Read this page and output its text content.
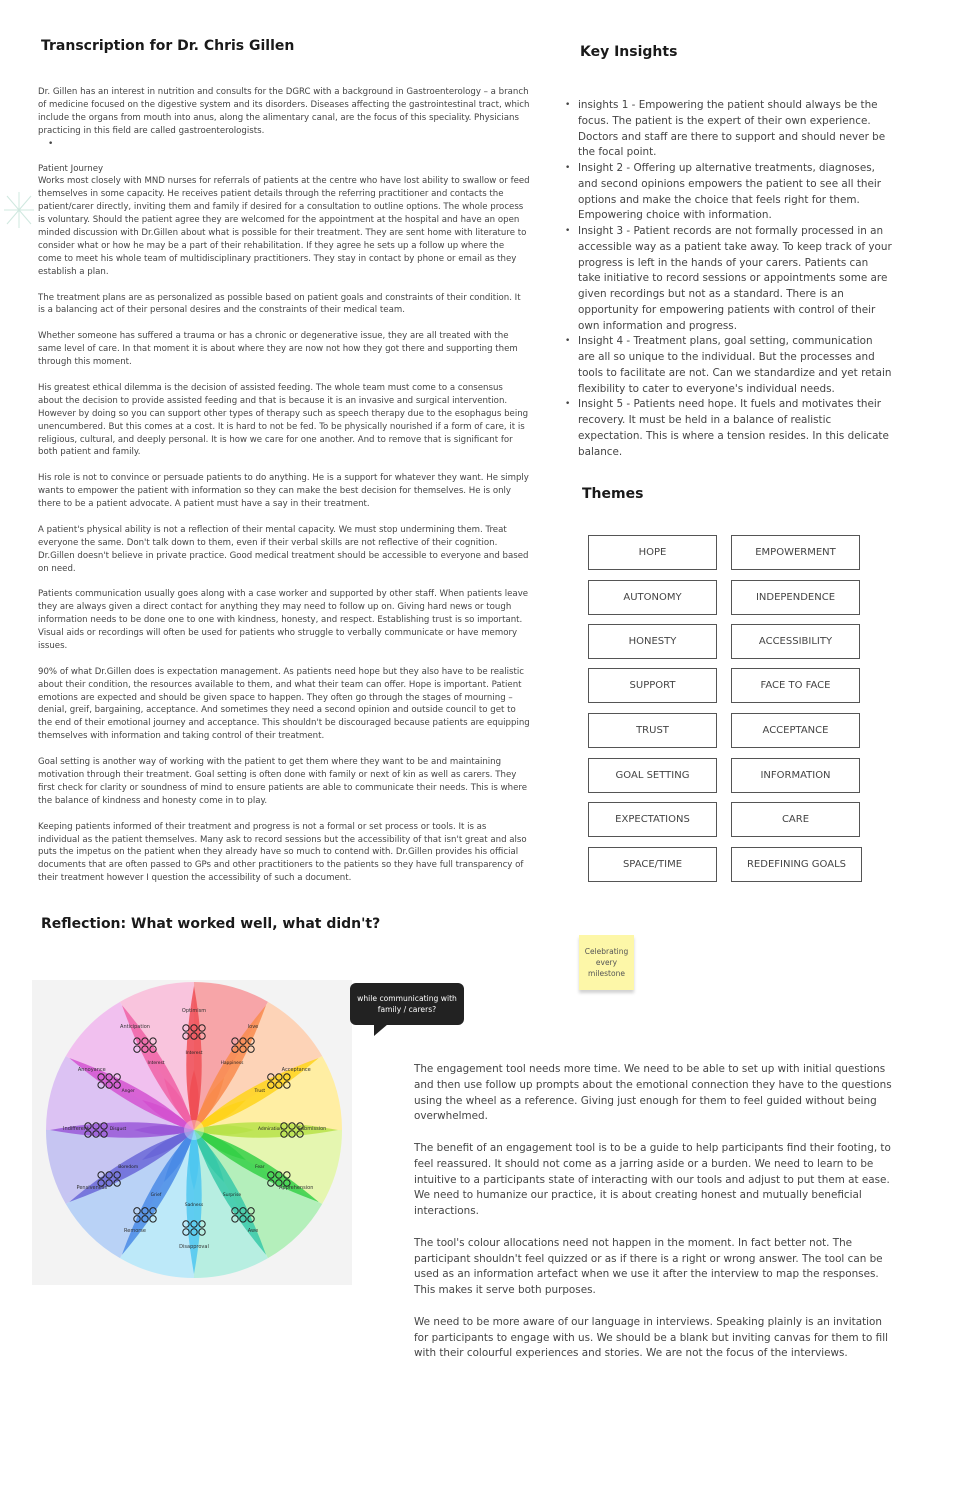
Transcription for Dr. Chris Gillen

Dr. Gillen has an interest in nutrition and consults for the DGRC with a background in Gastroenterology – a branch of medicine focused on the digestive system and its disorders. Diseases affecting the gastrointestinal tract, which include the organs from mouth into anus, along the alimentary canal, are the focus of this speciality. Physicians practicing in this field are called gastroenterologists.

Patient Journey

Works most closely with MND nurses for referrals of patients at the centre who have lost ability to swallow or feed themselves in some capacity. He receives patient details through the referring practitioner and contacts the patient/carer directly, inviting them and family if desired for a consultation to outline options. The whole process is voluntary. Should the patient agree they are welcomed for the appointment at the hospital and have an open minded discussion with Dr.Gillen about what is possible for their treatment. They are sent home with literature to consider what or how he may be a part of their rehabilitation. If they agree he sets up a follow up where the come to meet his whole team of multidisciplinary practitioners. They stay in contact by phone or email as they establish a plan.

The treatment plans are as personalized as possible based on patient goals and constraints of their condition. It is a balancing act of their personal desires and the constraints of their medical team.

Whether someone has suffered a trauma or has a chronic or degenerative issue, they are all treated with the same level of care. In that moment it is about where they are now not how they got there and supporting them through this moment.

His greatest ethical dilemma is the decision of assisted feeding. The whole team must come to a consensus about the decision to provide assisted feeding and that is because it is an invasive and surgical intervention. However by doing so you can support other types of therapy such as speech therapy due to the esophagus being unencumbered. But this comes at a cost. It is hard to not be fed. To be physically nourished if a form of care, it is religious, cultural, and deeply personal. It is how we care for one another. And to remove that is significant for both patient and family.

His role is not to convince or persuade patients to do anything. He is a support for whatever they want. He simply wants to empower the patient with information so they can make the best decision for themselves. He is only there to be a patient advocate. A patient must have a say in their treatment.

A patient's physical ability is not a reflection of their mental capacity. We must stop undermining them. Treat everyone the same. Don't talk down to them, even if their verbal skills are not reflective of their cognition. Dr.Gillen doesn't believe in private practice. Good medical treatment should be accessible to everyone and based on need.

Patients communication usually goes along with a case worker and supported by other staff. When patients leave they are always given a direct contact for anything they may need to follow up on. Giving hard news or tough information needs to be done one to one with kindness, honesty, and respect. Establishing trust is so important. Visual aids or recordings will often be used for patients who struggle to verbally communicate or have memory issues.

90% of what Dr.Gillen does is expectation management. As patients need hope but they also have to be realistic about their condition, the resources available to them, and what their team can offer. Hope is important. Patient emotions are expected and should be given space to happen. They often go through the stages of mourning – denial, greif, bargaining, acceptance. And sometimes they need a second opinion and outside council to get to the end of their emotional journey and acceptance. This shouldn't be discouraged because patients are equipping themselves with information and taking control of their treatment.

Goal setting is another way of working with the patient to get them where they want to be and maintaining motivation through their treatment. Goal setting is often done with family or next of kin as well as carers. They first check for clarity or soundness of mind to ensure patients are able to communicate their needs. This is where the balance of kindness and honesty come in to play.

Keeping patients informed of their treatment and progress is not a formal or set process or tools. It is as individual as the patient themselves. Many ask to record sessions but the accessibility of that isn't great and also puts the impetus on the patient when they already have so much to contend with. Dr.Gillen provides his official documents that are often passed to GPs and other practitioners to the patients so they have full transparency of their treatment however I question the accessibility of such a document.

•
Key Insights
• insights 1 - Empowering the patient should always be the focus. The patient is the expert of their own experience. Doctors and staff are there to support and should never be the focal point.
• Insight 2 - Offering up alternative treatments, diagnoses, and second opinions empowers the patient to see all their options and make the choice that feels right for them. Empowering choice with information.
• Insight 3 - Patient records are not formally processed in an accessible way as a patient take away. To keep track of your progress is left in the hands of your carers. Patients can take initiative to record sessions or appointments some are given recordings but not as a standard. There is an opportunity for empowering patients with control of their own information and progress.
• Insight 4 - Treatment plans, goal setting, communication are all so unique to the individual. But the processes and tools to facilitate are not. Can we standardize and yet retain flexibility to cater to everyone's individual needs.
• Insight 5 - Patients need hope. It fuels and motivates their recovery. It must be held in a balance of realistic expectation. This is where a tension resides. In this delicate balance.
Themes
HOPE	EMPOWERMENT
AUTONOMY	INDEPENDENCE
HONESTY	ACCESSIBILITY
SUPPORT	FACE TO FACE
TRUST	ACCEPTANCE
GOAL SETTING	INFORMATION
EXPECTATIONS	CARE
SPACE/TIME	REDEFINING GOALS
Reflection: What worked well, what didn't?
Celebrating every milestone
Optimism
Interest
love
Happiness
Acceptance
Trust
Submission
Admiration
Apprehension
Fear
Awe
Surprise
Disapproval
Sadness
Remorse
Grief
Pensiveness
Boredom
Indifferent	Disgust
Annoyance
Anger
Anticipation
Interest
while communicating with family / carers?

The engagement tool needs more time. We need to be able to set up with initial questions and then use follow up prompts about the emotional connection they have to the questions using the wheel as a reference. Giving just enough for them to feel guided without being overwhelmed.

The benefit of an engagement tool is to be a guide to help participants find their footing, to feel reassured. It should not come as a jarring aside or a burden. We need to learn to be intuitive to a participants state of interacting with our tools and adjust to put them at ease. We need to humanize our practice, it is about creating honest and mutually beneficial interactions.

The tool's colour allocations need not happen in the moment. In fact better not. The participant shouldn't feel quizzed or as if there is a right or wrong answer. The tool can be used as an information artefact when we use it after the interview to map the responses. This makes it serve both purposes.

We need to be more aware of our language in interviews. Speaking plainly is an invitation for participants to engage with us. We should be a blank but inviting canvas for them to fill with their colourful experiences and stories. We are not the focus of the interviews.
